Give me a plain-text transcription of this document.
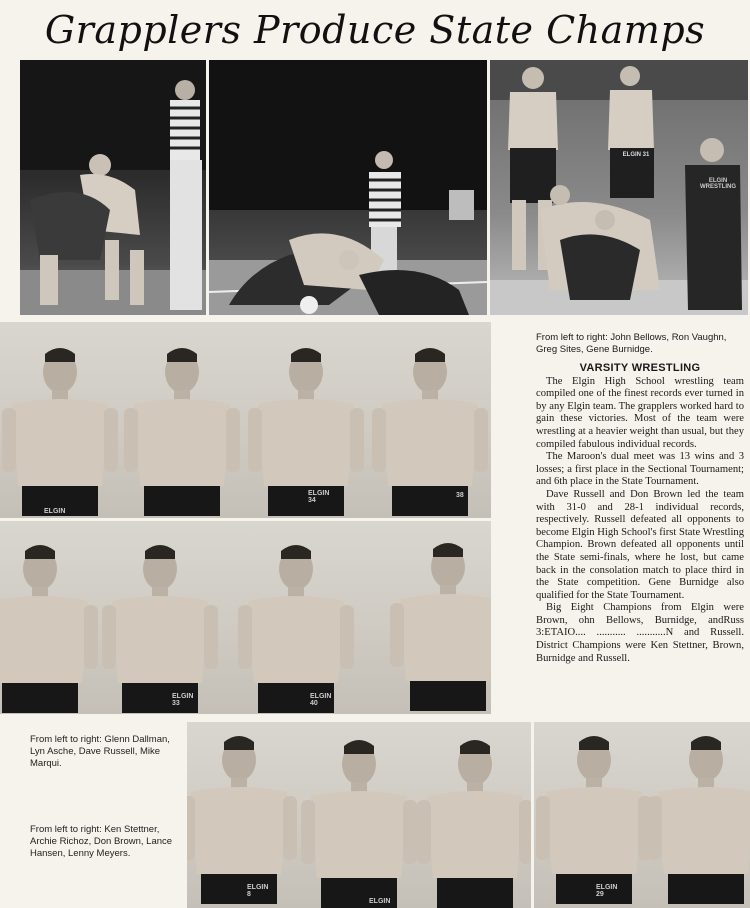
Grapplers Produce State Champs
ELGIN 31
ELGIN WRESTLING
ELGIN
ELGIN 34
38
ELGIN 33
ELGIN 40
From left to right: John Bellows, Ron Vaughn, Greg Sites, Gene Burnidge.
VARSITY WRESTLING

The Elgin High School wrestling team compiled one of the finest records ever turned in by any Elgin team. The grapplers worked hard to gain these victories. Most of the team were wrestling at a heavier weight than usual, but they compiled fabulous individual records.

The Maroon's dual meet was 13 wins and 3 losses; a first place in the Sectional Tournament; and 6th place in the State Tournament.

Dave Russell and Don Brown led the team with 31-0 and 28-1 individual records, respectively. Russell defeated all opponents to become Elgin High School's first State Wrestling Champion. Brown defeated all opponents until the State semi-finals, where he lost, but came back in the consolation match to place third in the State competition. Gene Burnidge also qualified for the State Tournament.

Big Eight Champions from Elgin were Brown, ohn Bellows, Burnidge, andRuss 3:ETAIO.... ........... ...........N and Russell. District Champions were Ken Stettner, Brown, Burnidge and Russell.

From left to right: Glenn Dallman, Lyn Asche, Dave Russell, Mike Marqui.
From left to right: Ken Stettner, Archie Richoz, Don Brown, Lance Hansen, Lenny Meyers.
ELGIN 8
ELGIN
ELGIN 29
